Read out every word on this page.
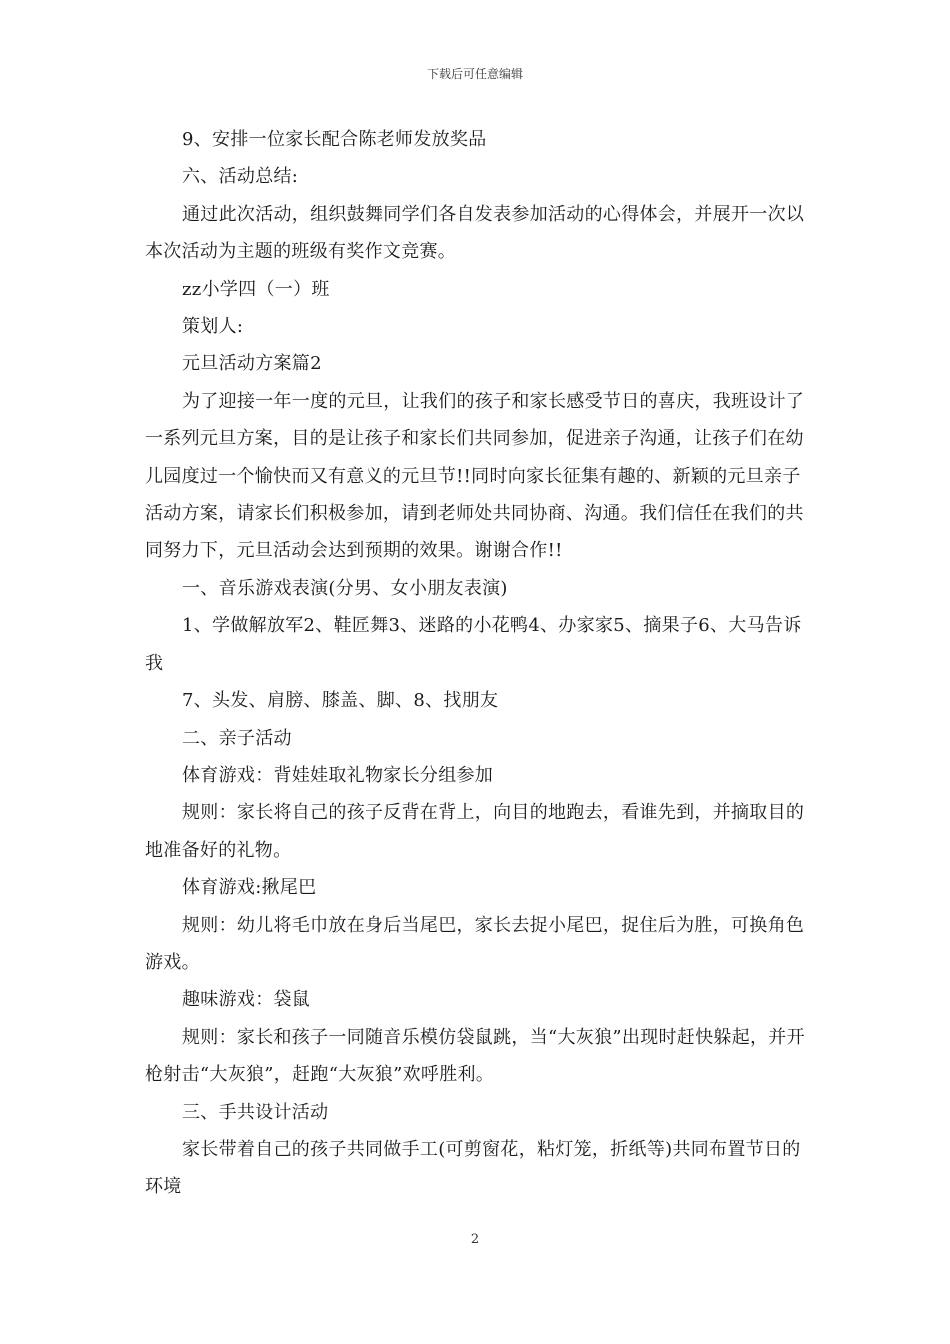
下载后可任意编辑

9、安排一位家长配合陈老师发放奖品

六、活动总结:

通过此次活动，组织鼓舞同学们各自发表参加活动的心得体会，并展开一次以本次活动为主题的班级有奖作文竞赛。

zz小学四（一）班

策划人:

元旦活动方案篇2

为了迎接一年一度的元旦，让我们的孩子和家长感受节日的喜庆，我班设计了一系列元旦方案，目的是让孩子和家长们共同参加，促进亲子沟通，让孩子们在幼儿园度过一个愉快而又有意义的元旦节!!同时向家长征集有趣的、新颖的元旦亲子活动方案，请家长们积极参加，请到老师处共同协商、沟通。我们信任在我们的共同努力下，元旦活动会达到预期的效果。谢谢合作!!

一、音乐游戏表演(分男、女小朋友表演)

1、学做解放军2、鞋匠舞3、迷路的小花鸭4、办家家5、摘果子6、大马告诉我

7、头发、肩膀、膝盖、脚、8、找朋友

二、亲子活动

体育游戏：背娃娃取礼物家长分组参加

规则：家长将自己的孩子反背在背上，向目的地跑去，看谁先到，并摘取目的地准备好的礼物。

体育游戏:揪尾巴

规则：幼儿将毛巾放在身后当尾巴，家长去捉小尾巴，捉住后为胜，可换角色游戏。

趣味游戏：袋鼠

规则：家长和孩子一同随音乐模仿袋鼠跳，当“大灰狼”出现时赶快躲起，并开枪射击“大灰狼”，赶跑“大灰狼”欢呼胜利。

三、手共设计活动

家长带着自己的孩子共同做手工(可剪窗花，粘灯笼，折纸等)共同布置节日的环境

2
